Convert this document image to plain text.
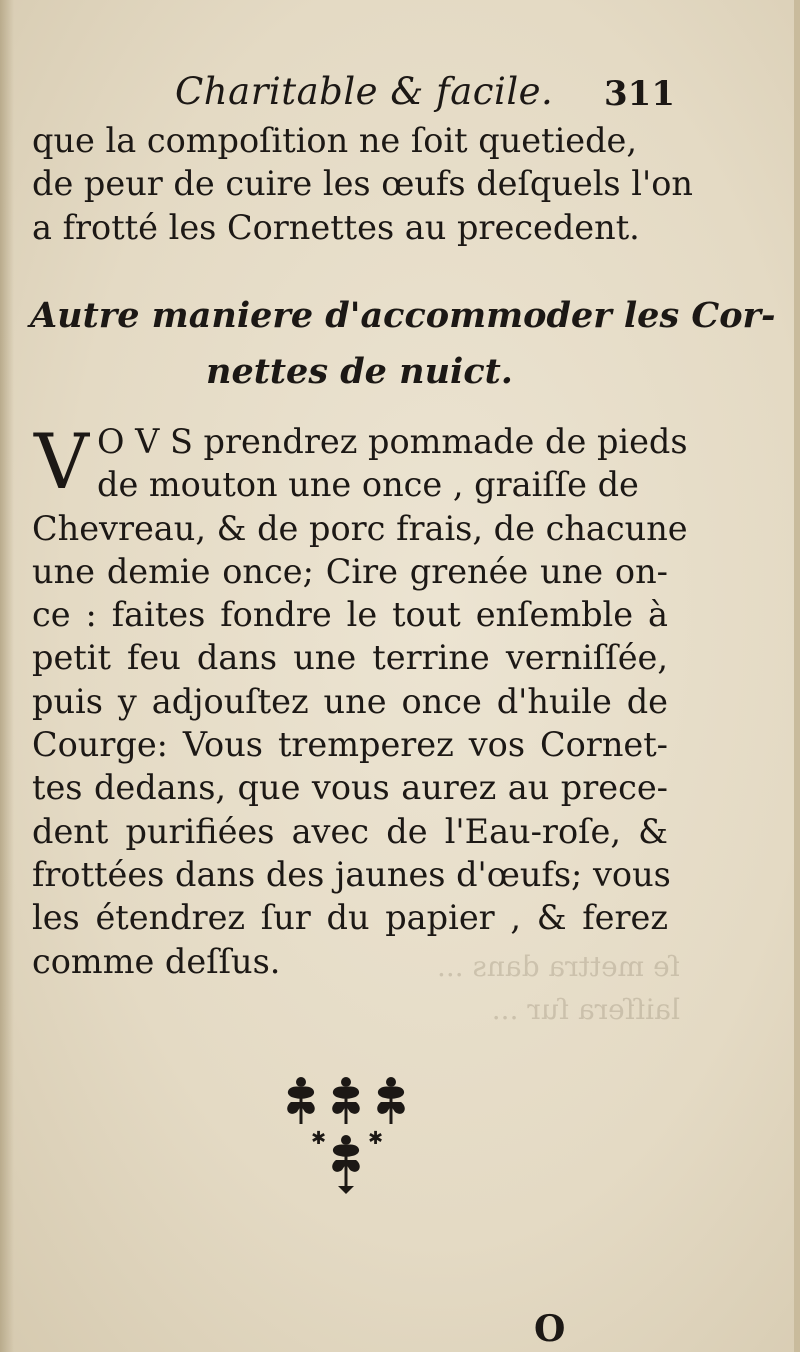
ſe mettra dans ...
laiſſera ſur ...
Charitable & facile. 311
que la compoſition ne ſoit quetiede,
de peur de cuire les œufs deſquels l'on
a frotté les Cornettes au precedent.
Autre maniere d'accommoder les Cor-
nettes de nuict.
V O V S prendrez pommade de pieds
de mouton une once , graiſſe de
Chevreau, & de porc frais, de chacune
une demie once; Cire grenée une on-
ce : faites fondre le tout enſemble à
petit feu dans une terrine verniſſée,
puis y adjouſtez une once d'huile de
Courge: Vous tremperez vos Cornet-
tes dedans, que vous aurez au prece-
dent purifiées avec de l'Eau-roſe, &
frottées dans des jaunes d'œufs; vous
les étendrez ſur du papier , & ferez
comme deſſus.
✱ ✱
O
